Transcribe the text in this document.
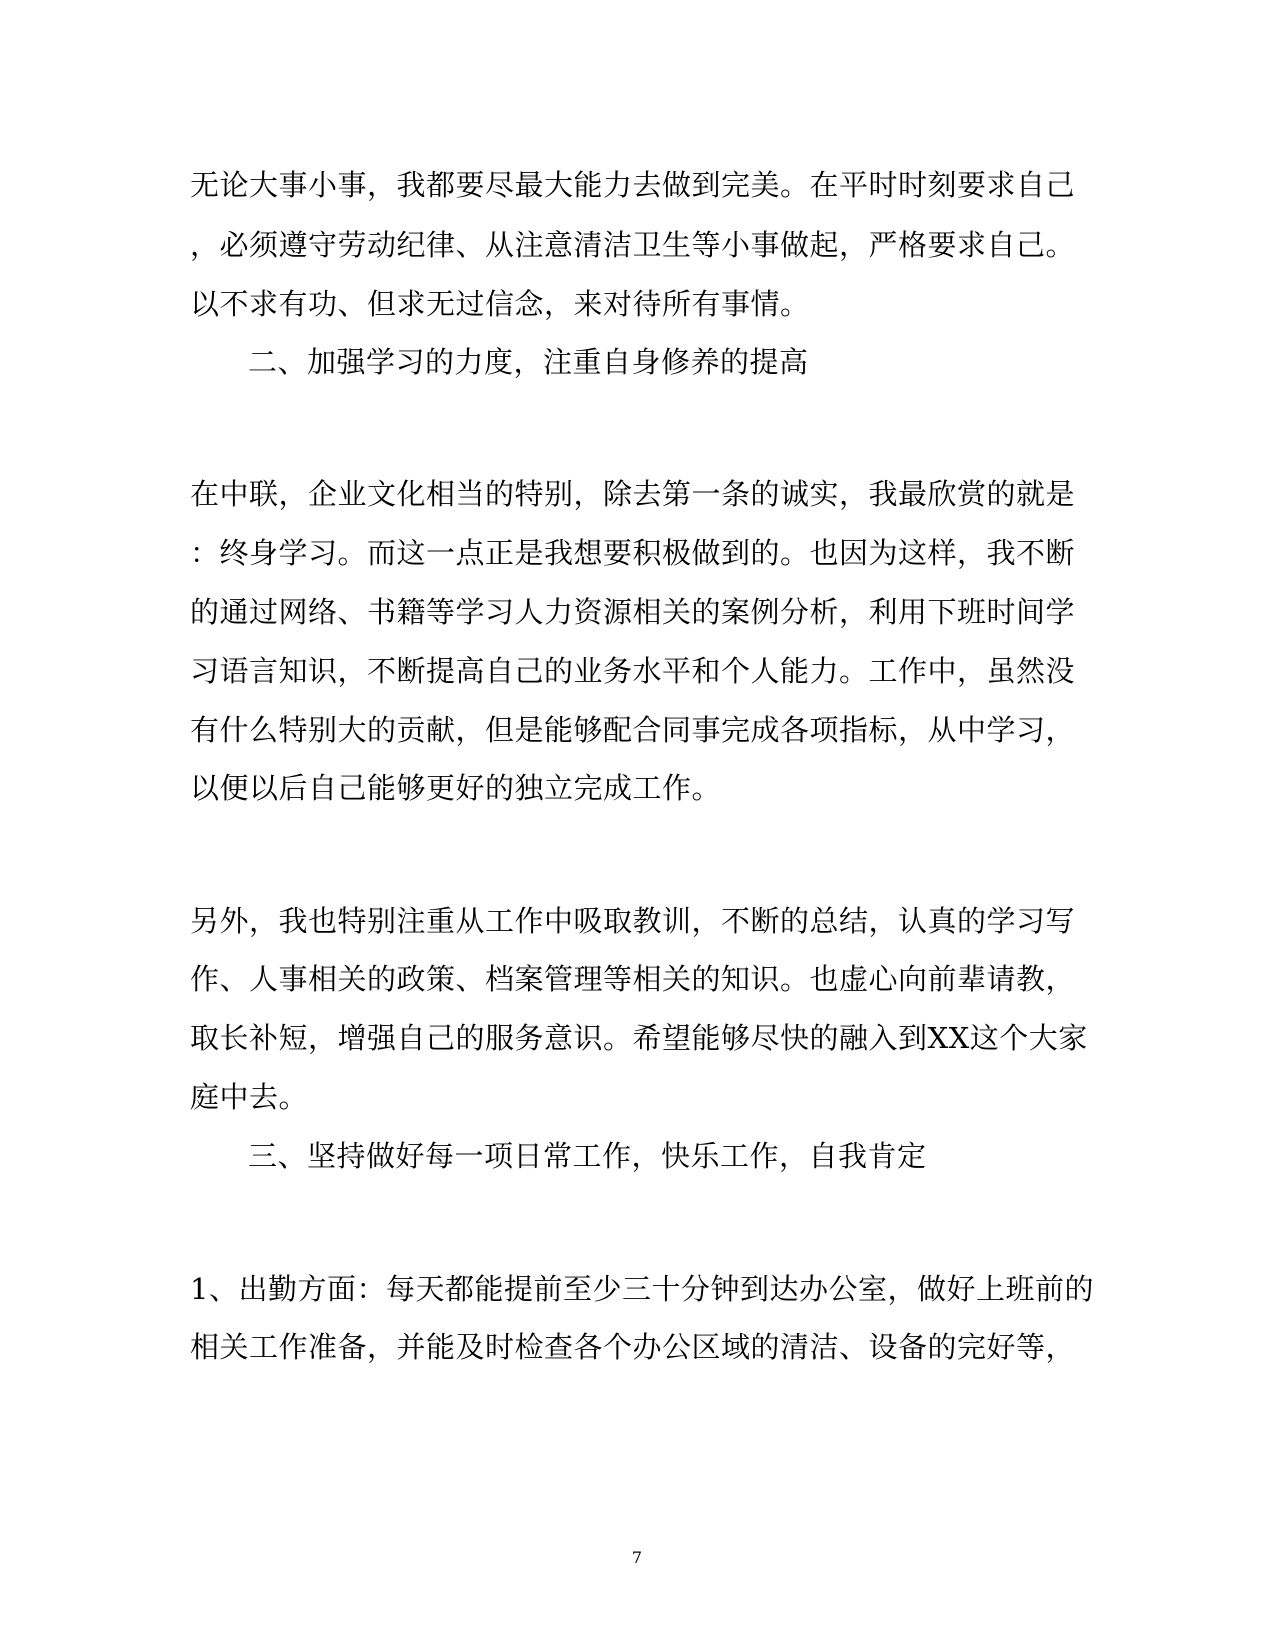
无论大事小事，我都要尽最大能力去做到完美。在平时时刻要求自己
，必须遵守劳动纪律、从注意清洁卫生等小事做起，严格要求自己。
以不求有功、但求无过信念，来对待所有事情。
二、加强学习的力度，注重自身修养的提高
在中联，企业文化相当的特别，除去第一条的诚实，我最欣赏的就是
：终身学习。而这一点正是我想要积极做到的。也因为这样，我不断
的通过网络、书籍等学习人力资源相关的案例分析，利用下班时间学
习语言知识，不断提高自己的业务水平和个人能力。工作中，虽然没
有什么特别大的贡献，但是能够配合同事完成各项指标，从中学习，
以便以后自己能够更好的独立完成工作。
另外，我也特别注重从工作中吸取教训，不断的总结，认真的学习写
作、人事相关的政策、档案管理等相关的知识。也虚心向前辈请教，
取长补短，增强自己的服务意识。希望能够尽快的融入到XX这个大家
庭中去。
三、坚持做好每一项日常工作，快乐工作，自我肯定
1、出勤方面：每天都能提前至少三十分钟到达办公室，做好上班前的
相关工作准备，并能及时检查各个办公区域的清洁、设备的完好等，
7
